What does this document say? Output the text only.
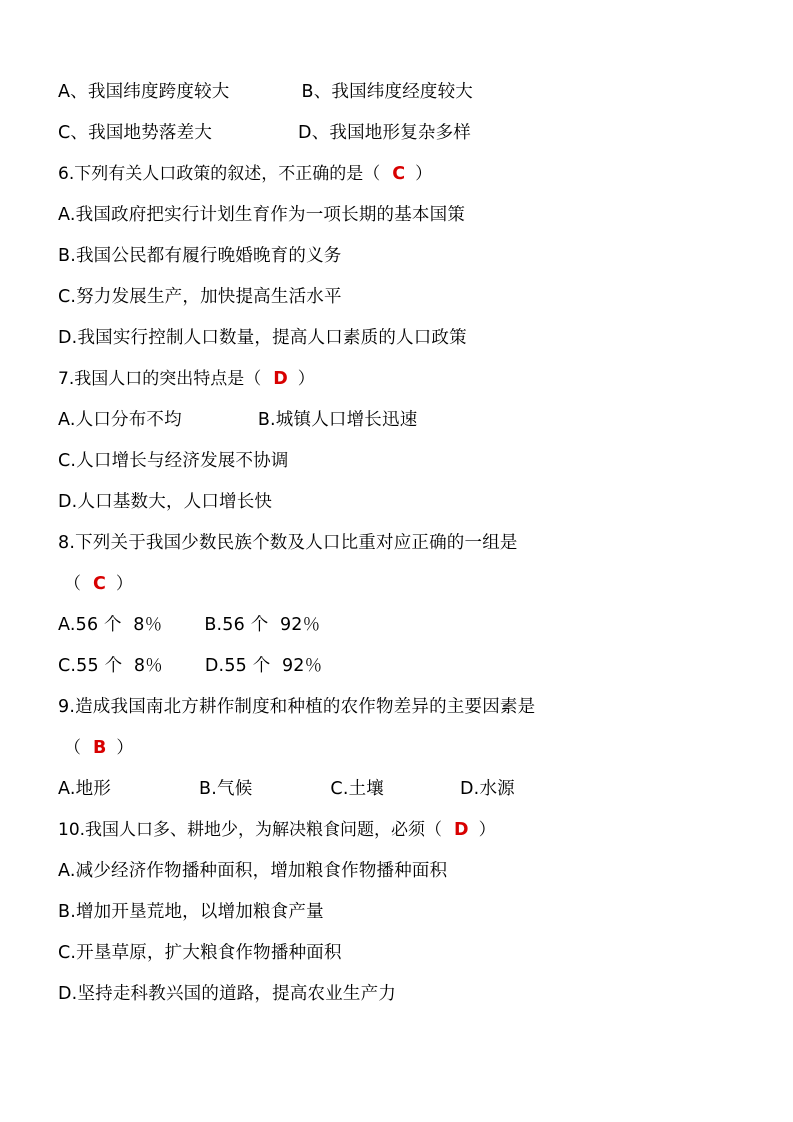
A、我国纬度跨度较大	B、我国纬度经度较大
C、我国地势落差大	D、我国地形复杂多样
6.下列有关人口政策的叙述，不正确的是（ C ）
A.我国政府把实行计划生育作为一项长期的基本国策
B.我国公民都有履行晚婚晚育的义务
C.努力发展生产，加快提高生活水平
D.我国实行控制人口数量，提高人口素质的人口政策
7.我国人口的突出特点是（ D ）
A.人口分布不均	B.城镇人口增长迅速
C.人口增长与经济发展不协调
D.人口基数大，人口增长快
8.下列关于我国少数民族个数及人口比重对应正确的一组是
（ C ）
A.56 个  8％ B.56 个  92％
C.55 个  8％ D.55 个  92％
9.造成我国南北方耕作制度和种植的农作物差异的主要因素是
（ B ）
A.地形	B.气候	C.土壤	D.水源
10.我国人口多、耕地少，为解决粮食问题，必须（ D ）
A.减少经济作物播种面积，增加粮食作物播种面积
B.增加开垦荒地，以增加粮食产量
C.开垦草原，扩大粮食作物播种面积
D.坚持走科教兴国的道路，提高农业生产力
